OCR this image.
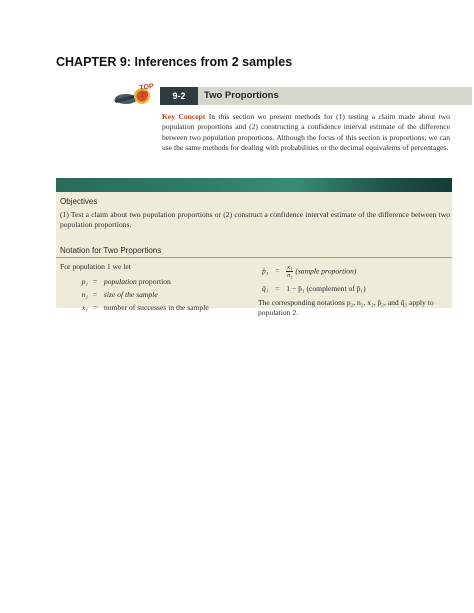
CHAPTER 9: Inferences from 2 samples
TOP
20	9-2	Two Proportions
Key Concept In this section we present methods for (1) testing a claim made about two population proportions and (2) constructing a confidence interval estimate of the difference between two population proportions. Although the focus of this section is proportions, we can use the same methods for dealing with probabilities or the decimal equivalents of percentages.
Objectives
(1) Test a claim about two population proportions or (2) construct a confidence interval estimate of the difference between two population proportions.
Notation for Two Proportions
For population 1 we let
p₁ = population proportion
n₁ = size of the sample
x₁ = number of successes in the sample
p̂₁ = $\frac{\text{x₁}}{\text{n₁}}$ (sample proportion)
q̂₁ = 1 − p̂₁ (complement of p̂₁)
The corresponding notations p₂, n₂, x₂, p̂₂, and q̂₂ apply to population 2.
